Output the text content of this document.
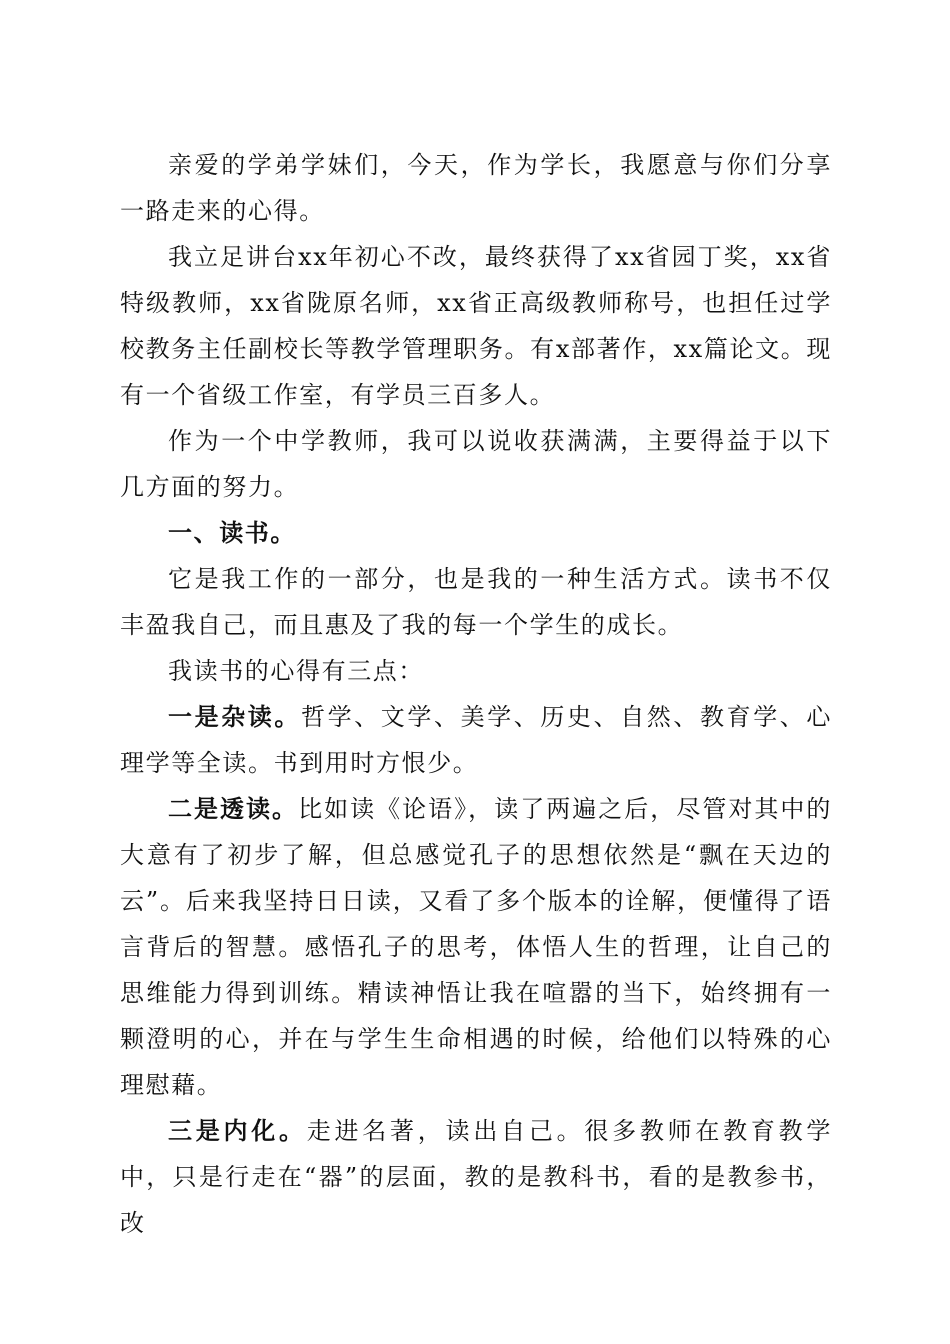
亲爱的学弟学妹们，今天，作为学长，我愿意与你们分享一路走来的心得。

我立足讲台xx年初心不改，最终获得了xx省园丁奖，xx省特级教师，xx省陇原名师，xx省正高级教师称号，也担任过学校教务主任副校长等教学管理职务。有x部著作，xx篇论文。现有一个省级工作室，有学员三百多人。

作为一个中学教师，我可以说收获满满，主要得益于以下几方面的努力。

一、读书。

它是我工作的一部分，也是我的一种生活方式。读书不仅丰盈我自己，而且惠及了我的每一个学生的成长。

我读书的心得有三点：

一是杂读。哲学、文学、美学、历史、自然、教育学、心理学等全读。书到用时方恨少。

二是透读。比如读《论语》，读了两遍之后，尽管对其中的大意有了初步了解，但总感觉孔子的思想依然是“飘在天边的云”。后来我坚持日日读，又看了多个版本的诠解，便懂得了语言背后的智慧。感悟孔子的思考，体悟人生的哲理，让自己的思维能力得到训练。精读神悟让我在喧嚣的当下，始终拥有一颗澄明的心，并在与学生生命相遇的时候，给他们以特殊的心理慰藉。

三是内化。走进名著，读出自己。很多教师在教育教学中，只是行走在“器”的层面，教的是教科书，看的是教参书，改
